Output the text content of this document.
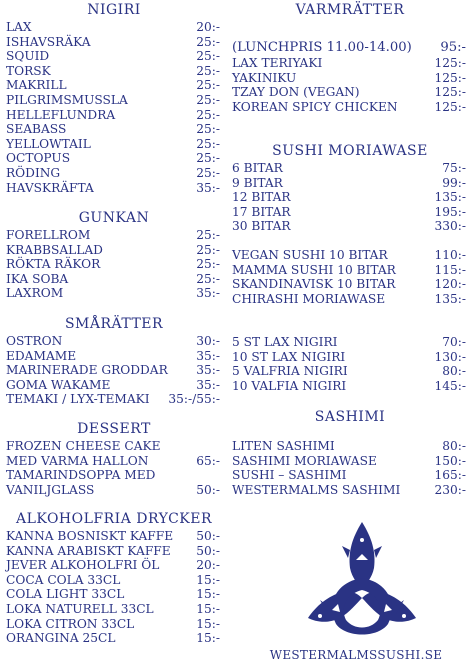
NIGIRI
LAX	20:-
ISHAVSRÄKA	25:-
SQUID	25:-
TORSK	25:-
MAKRILL	25:-
PILGRIMSMUSSLA	25:-
HELLEFLUNDRA	25:-
SEABASS	25:-
YELLOWTAIL	25:-
OCTOPUS	25:-
RÖDING	25:-
HAVSKRÄFTA	35:-
GUNKAN
FORELLROM	25:-
KRABBSALLAD	25:-
RÖKTA RÄKOR	25:-
IKA SOBA	25:-
LAXROM	35:-
SMÅRÄTTER
OSTRON	30:-
EDAMAME	35:-
MARINERADE GRODDAR 35:-
GOMA WAKAME	35:-
TEMAKI / LYX-TEMAKI 35:-/55:-
DESSERT
FROZEN CHEESE CAKE
MED VARMA HALLON	65:-
TAMARINDSOPPA MED
VANILJGLASS	50:-
ALKOHOLFRIA DRYCKER
KANNA BOSNISKT KAFFE 50:-
KANNA ARABISKT KAFFE 50:-
JEVER ALKOHOLFRI ÖL	20:-
COCA COLA 33CL	15:-
COLA LIGHT 33CL	15:-
LOKA NATURELL 33CL	15:-
LOKA CITRON 33CL	15:-
ORANGINA 25CL	15:-
VARMRÄTTER
(LUNCHPRIS 11.00-14.00) 95:-
LAX TERIYAKI	125:-
YAKINIKU	125:-
TZAY DON (VEGAN)	125:-
KOREAN SPICY CHICKEN	125:-
SUSHI MORIAWASE
6 BITAR	75:-
9 BITAR	99:-
12 BITAR	135:-
17 BITAR	195:-
30 BITAR	330:-
VEGAN SUSHI 10 BITAR	110:-
MAMMA SUSHI 10 BITAR	115:-
SKANDINAVISK 10 BITAR	120:-
CHIRASHI MORIAWASE	135:-
5 ST LAX NIGIRI	70:-
10 ST LAX NIGIRI	130:-
5 VALFRIA NIGIRI	80:-
10 VALFIA NIGIRI	145:-
SASHIMI
LITEN SASHIMI	80:-
SASHIMI MORIAWASE	150:-
SUSHI – SASHIMI	165:-
WESTERMALMS SASHIMI	230:-
WESTERMALMSSUSHI.SE
